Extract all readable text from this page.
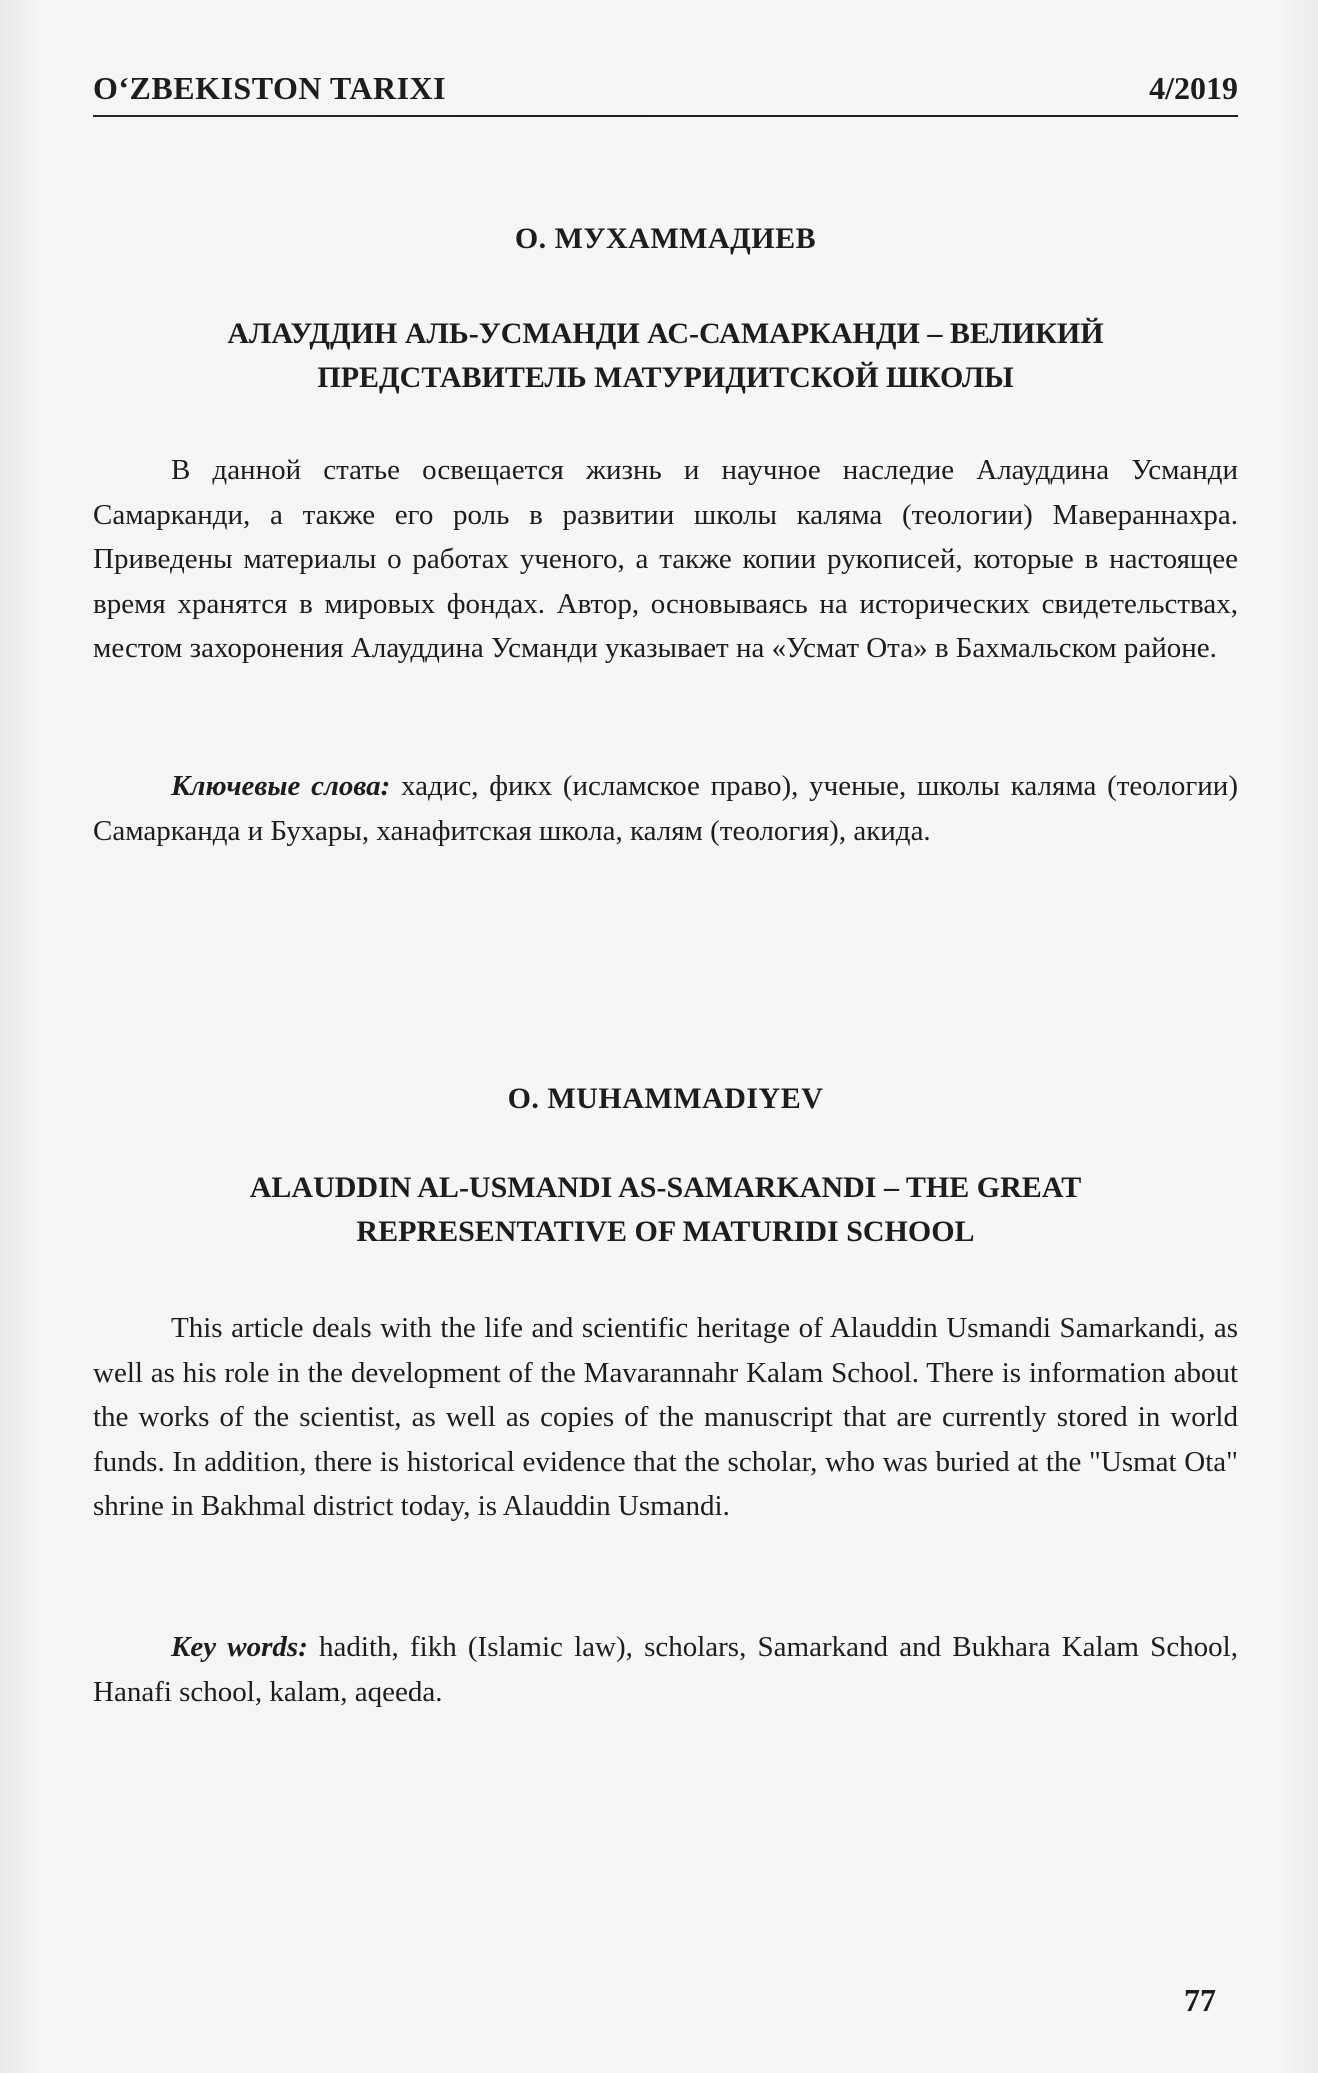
O‘ZBEKISTON TARIXI	4/2019
О. МУХАММАДИЕВ
АЛАУДДИН АЛЬ-УСМАНДИ АС-САМАРКАНДИ – ВЕЛИКИЙ
ПРЕДСТАВИТЕЛЬ МАТУРИДИТСКОЙ ШКОЛЫ
В данной статье освещается жизнь и научное наследие Алауддина Усманди Самарканди, а также его роль в развитии школы каляма (теологии) Мавераннахра. Приведены материалы о работах ученого, а также копии рукописей, которые в настоящее время хранятся в мировых фондах. Автор, основываясь на исторических свидетельствах, местом захоронения Алауддина Усманди указывает на «Усмат Ота» в Бахмальском районе.
Ключевые слова: хадис, фикх (исламское право), ученые, школы каляма (теологии) Самарканда и Бухары, ханафитская школа, калям (теология), акида.
O. MUHAMMADIYEV
ALAUDDIN AL-USMANDI AS-SAMARKANDI – THE GREAT
REPRESENTATIVE OF MATURIDI SCHOOL
This article deals with the life and scientific heritage of Alauddin Usmandi Samarkandi, as well as his role in the development of the Mavarannahr Kalam School. There is information about the works of the scientist, as well as copies of the manuscript that are currently stored in world funds. In addition, there is historical evidence that the scholar, who was buried at the "Usmat Ota" shrine in Bakhmal district today, is Alauddin Usmandi.
Key words: hadith, fikh (Islamic law), scholars, Samarkand and Bukhara Kalam School, Hanafi school, kalam, aqeeda.
77
